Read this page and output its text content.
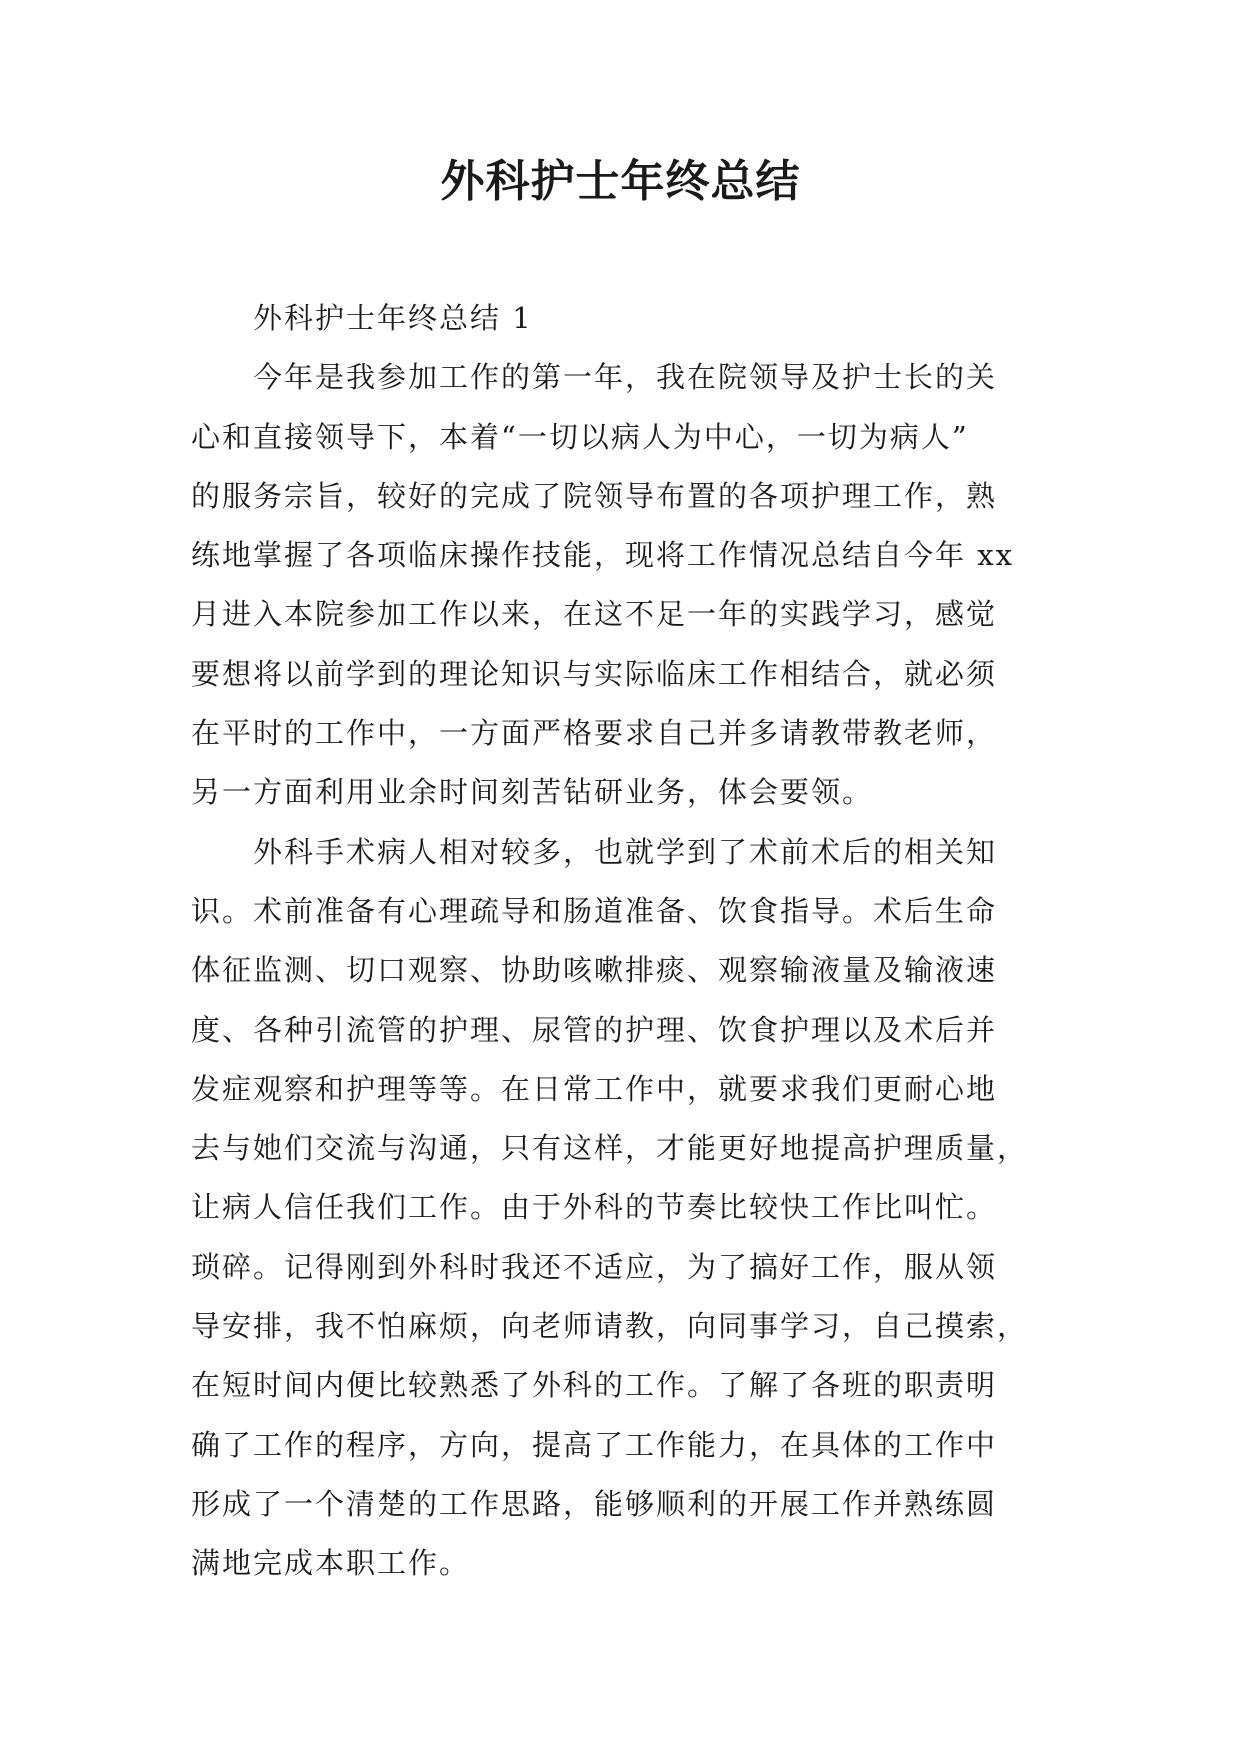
外科护士年终总结
外科护士年终总结 1
今年是我参加工作的第一年，我在院领导及护士长的关
心和直接领导下，本着“一切以病人为中心，一切为病人”
的服务宗旨，较好的完成了院领导布置的各项护理工作，熟
练地掌握了各项临床操作技能，现将工作情况总结自今年 xx
月进入本院参加工作以来，在这不足一年的实践学习，感觉
要想将以前学到的理论知识与实际临床工作相结合，就必须
在平时的工作中，一方面严格要求自己并多请教带教老师，
另一方面利用业余时间刻苦钻研业务，体会要领。
外科手术病人相对较多，也就学到了术前术后的相关知
识。术前准备有心理疏导和肠道准备、饮食指导。术后生命
体征监测、切口观察、协助咳嗽排痰、观察输液量及输液速
度、各种引流管的护理、尿管的护理、饮食护理以及术后并
发症观察和护理等等。在日常工作中，就要求我们更耐心地
去与她们交流与沟通，只有这样，才能更好地提高护理质量，
让病人信任我们工作。由于外科的节奏比较快工作比叫忙。
琐碎。记得刚到外科时我还不适应，为了搞好工作，服从领
导安排，我不怕麻烦，向老师请教，向同事学习，自己摸索，
在短时间内便比较熟悉了外科的工作。了解了各班的职责明
确了工作的程序，方向，提高了工作能力，在具体的工作中
形成了一个清楚的工作思路，能够顺利的开展工作并熟练圆
满地完成本职工作。
